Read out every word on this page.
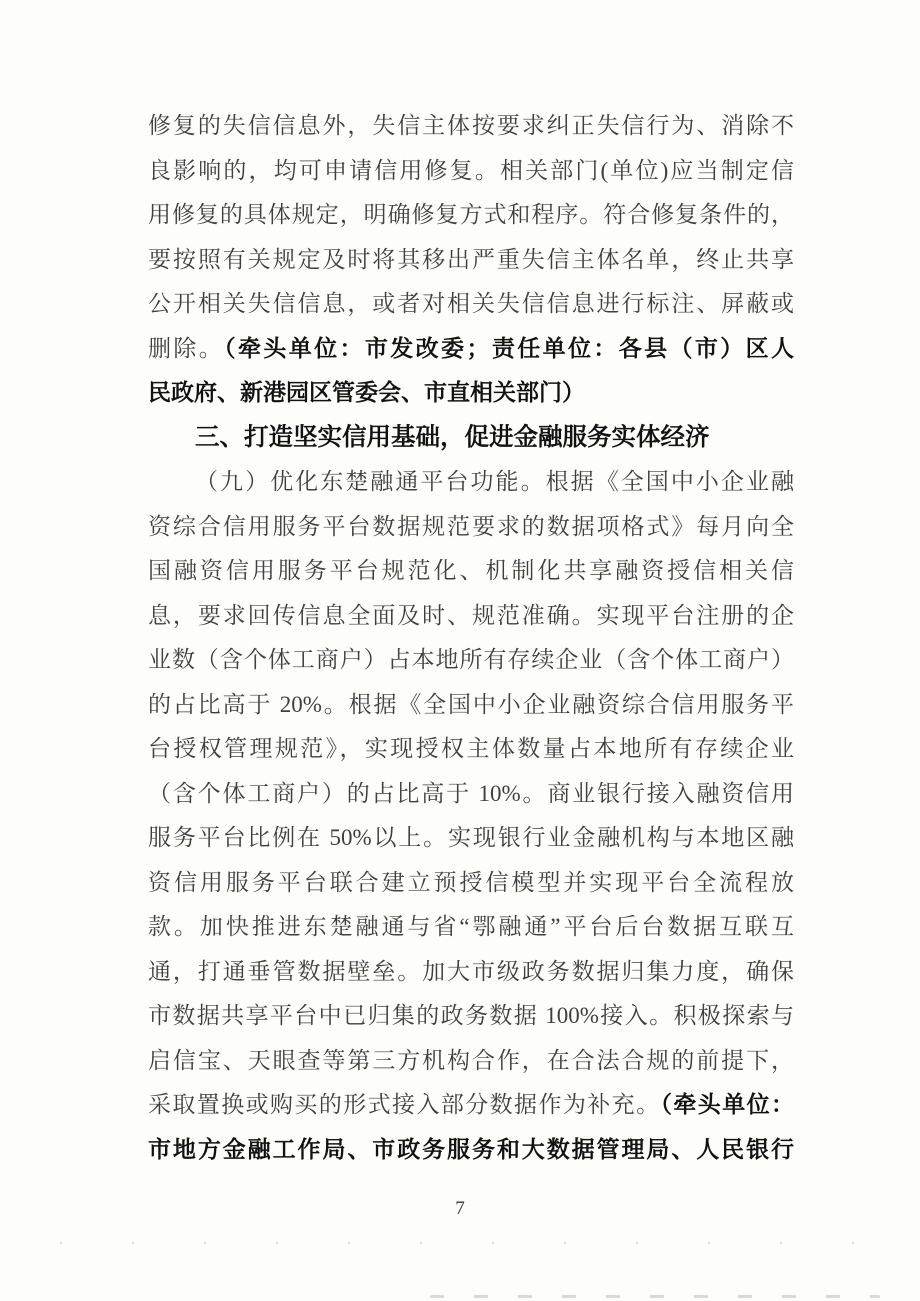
修复的失信信息外，失信主体按要求纠正失信行为、消除不
良影响的，均可申请信用修复。相关部门(单位)应当制定信
用修复的具体规定，明确修复方式和程序。符合修复条件的，
要按照有关规定及时将其移出严重失信主体名单，终止共享
公开相关失信信息，或者对相关失信信息进行标注、屏蔽或
删除。（牵头单位：市发改委；责任单位：各县（市）区人
民政府、新港园区管委会、市直相关部门）
三、打造坚实信用基础，促进金融服务实体经济
（九）优化东楚融通平台功能。根据《全国中小企业融
资综合信用服务平台数据规范要求的数据项格式》每月向全
国融资信用服务平台规范化、机制化共享融资授信相关信
息，要求回传信息全面及时、规范准确。实现平台注册的企
业数（含个体工商户）占本地所有存续企业（含个体工商户）
的占比高于 20%。根据《全国中小企业融资综合信用服务平
台授权管理规范》，实现授权主体数量占本地所有存续企业
（含个体工商户）的占比高于 10%。商业银行接入融资信用
服务平台比例在 50%以上。实现银行业金融机构与本地区融
资信用服务平台联合建立预授信模型并实现平台全流程放
款。加快推进东楚融通与省“鄂融通”平台后台数据互联互
通，打通垂管数据壁垒。加大市级政务数据归集力度，确保
市数据共享平台中已归集的政务数据 100%接入。积极探索与
启信宝、天眼查等第三方机构合作，在合法合规的前提下，
采取置换或购买的形式接入部分数据作为补充。（牵头单位：
市地方金融工作局、市政务服务和大数据管理局、人民银行
7
